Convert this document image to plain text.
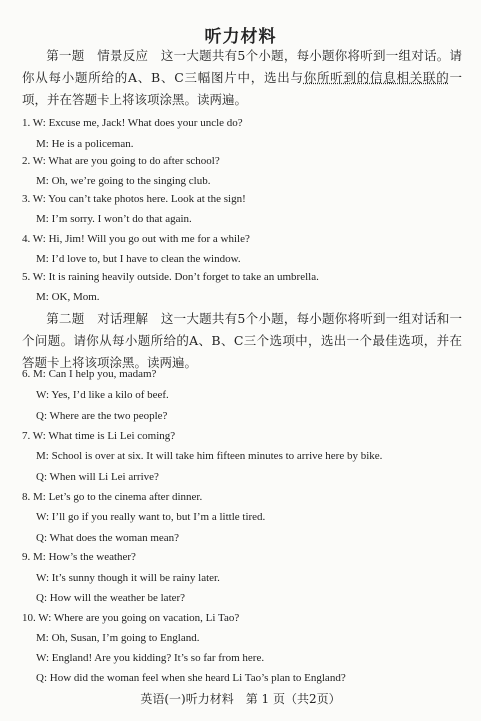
听力材料
第一题　情景反应　这一大题共有5个小题，每小题你将听到一组对话。请你从每小题所给的A、B、C三幅图片中，选出与你所听到的信息相关联的一项，并在答题卡上将该项涂黑。读两遍。
1. W: Excuse me, Jack! What does your uncle do?
M: He is a policeman.
2. W: What are you going to do after school?
M: Oh, we’re going to the singing club.
3. W: You can’t take photos here. Look at the sign!
M: I’m sorry. I won’t do that again.
4. W: Hi, Jim! Will you go out with me for a while?
M: I’d love to, but I have to clean the window.
5. W: It is raining heavily outside. Don’t forget to take an umbrella.
M: OK, Mom.
第二题　对话理解　这一大题共有5个小题，每小题你将听到一组对话和一个问题。请你从每小题所给的A、B、C三个选项中，选出一个最佳选项，并在答题卡上将该项涂黑。读两遍。
6. M: Can I help you, madam?
W: Yes, I’d like a kilo of beef.
Q: Where are the two people?
7. W: What time is Li Lei coming?
M: School is over at six. It will take him fifteen minutes to arrive here by bike.
Q: When will Li Lei arrive?
8. M: Let’s go to the cinema after dinner.
W: I’ll go if you really want to, but I’m a little tired.
Q: What does the woman mean?
9. M: How’s the weather?
W: It’s sunny though it will be rainy later.
Q: How will the weather be later?
10. W: Where are you going on vacation, Li Tao?
M: Oh, Susan, I’m going to England.
W: England! Are you kidding? It’s so far from here.
Q: How did the woman feel when she heard Li Tao’s plan to England?
英语(一)听力材料　第 1 页（共2页）
